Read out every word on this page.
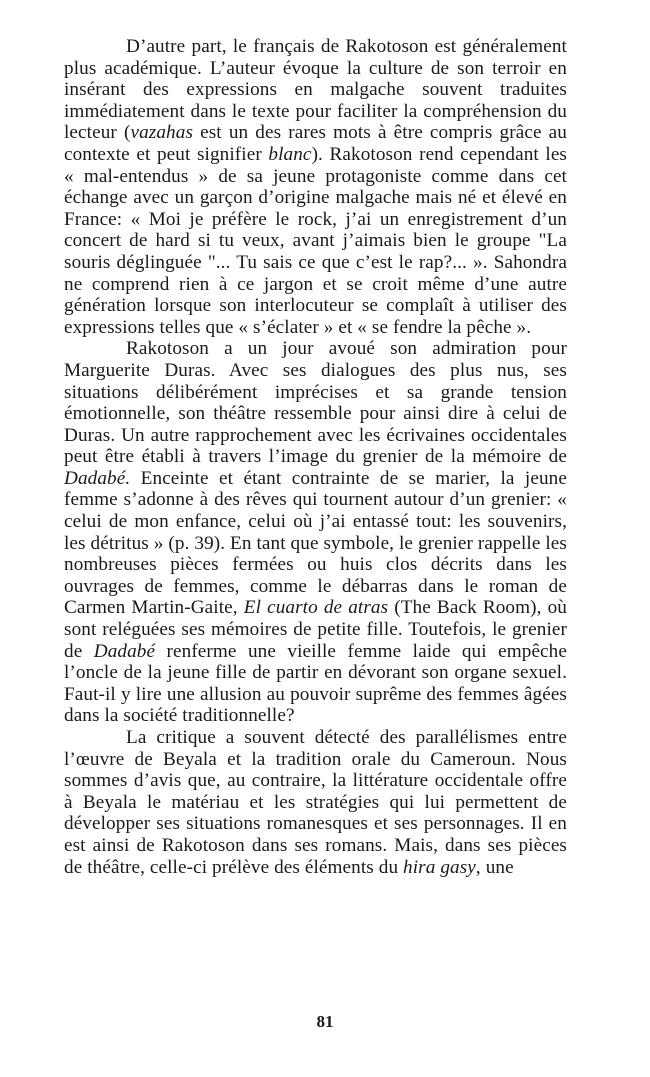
D’autre part, le français de Rakotoson est généralement plus académique. L’auteur évoque la culture de son terroir en insérant des expressions en malgache souvent traduites immédiatement dans le texte pour faciliter la compréhension du lecteur (vazahas est un des rares mots à être compris grâce au contexte et peut signifier blanc). Rakotoson rend cependant les « mal-entendus » de sa jeune protagoniste comme dans cet échange avec un garçon d’origine malgache mais né et élevé en France: « Moi je préfère le rock, j’ai un enregistrement d’un concert de hard si tu veux, avant j’aimais bien le groupe "La souris déglinguée "... Tu sais ce que c’est le rap?... ». Sahondra ne comprend rien à ce jargon et se croit même d’une autre génération lorsque son interlocuteur se complaît à utiliser des expressions telles que « s’éclater » et « se fendre la pêche ».

Rakotoson a un jour avoué son admiration pour Marguerite Duras. Avec ses dialogues des plus nus, ses situations délibérément imprécises et sa grande tension émotionnelle, son théâtre ressemble pour ainsi dire à celui de Duras. Un autre rapprochement avec les écrivaines occidentales peut être établi à travers l’image du grenier de la mémoire de Dadabé. Enceinte et étant contrainte de se marier, la jeune femme s’adonne à des rêves qui tournent autour d’un grenier: « celui de mon enfance, celui où j’ai entassé tout: les souvenirs, les détritus » (p. 39). En tant que symbole, le grenier rappelle les nombreuses pièces fermées ou huis clos décrits dans les ouvrages de femmes, comme le débarras dans le roman de Carmen Martin-Gaite, El cuarto de atras (The Back Room), où sont reléguées ses mémoires de petite fille. Toutefois, le grenier de Dadabé renferme une vieille femme laide qui empêche l’oncle de la jeune fille de partir en dévorant son organe sexuel. Faut-il y lire une allusion au pouvoir suprême des femmes âgées dans la société traditionnelle?

La critique a souvent détecté des parallélismes entre l’œuvre de Beyala et la tradition orale du Cameroun. Nous sommes d’avis que, au contraire, la littérature occidentale offre à Beyala le matériau et les stratégies qui lui permettent de développer ses situations romanesques et ses personnages. Il en est ainsi de Rakotoson dans ses romans. Mais, dans ses pièces de théâtre, celle-ci prélève des éléments du hira gasy, une

81
